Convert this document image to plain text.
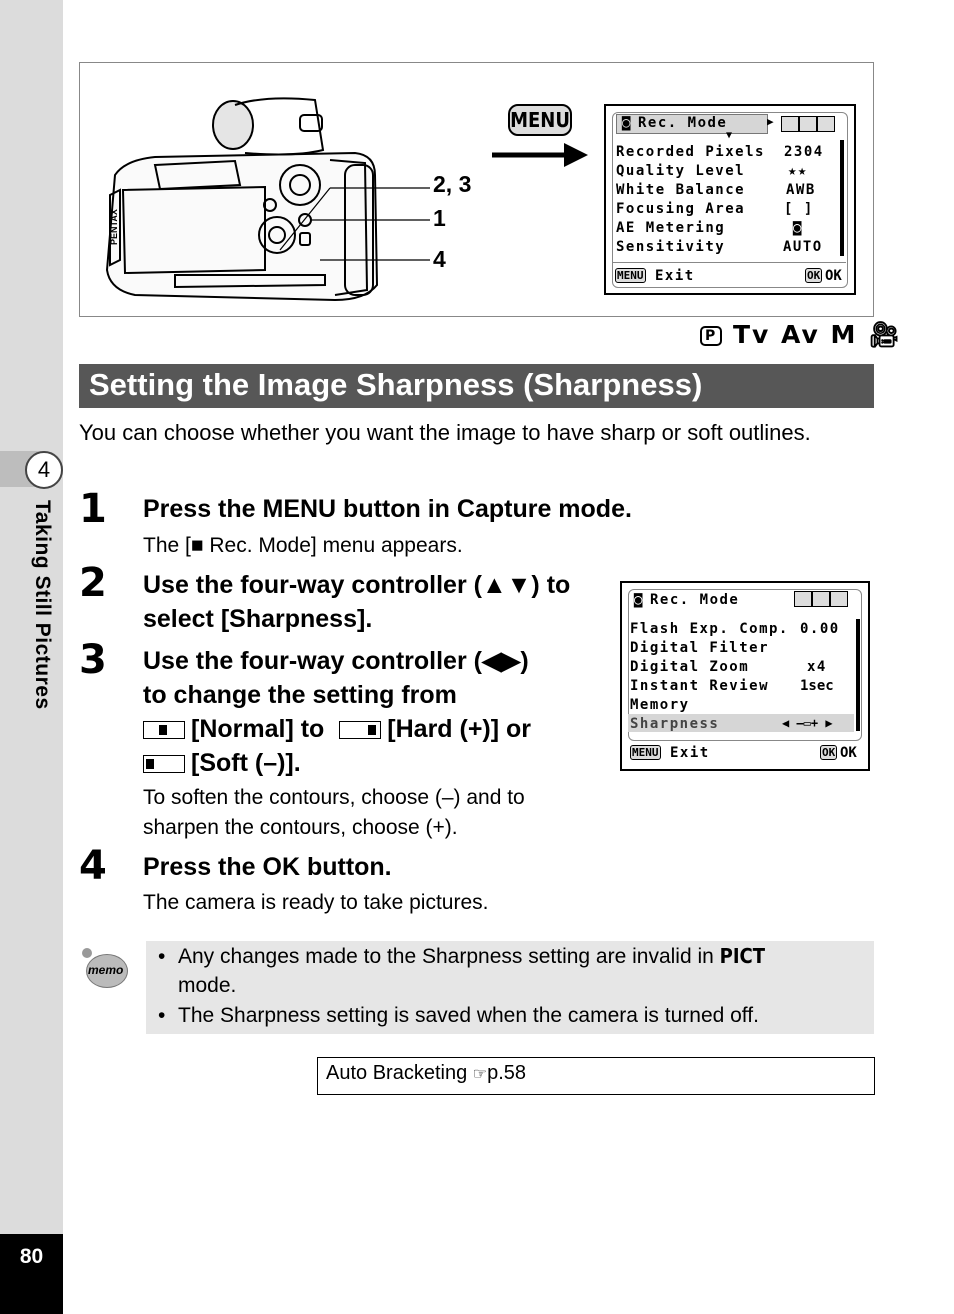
4
Taking Still Pictures
80
PENTAX
2, 3
1
4
MENU	◙ Rec. Mode	▶
▼
Recorded Pixels 2304
Quality Level	★★
White Balance	AWB
Focusing Area	[ ]
AE Metering	◙
Sensitivity	AUTO
MENU Exit	OK OK
P Tv Av M 🎥︎
Setting the Image Sharpness (Sharpness)
You can choose whether you want the image to have sharp or soft outlines.
1 Press the MENU button in Capture mode.
The [■ Rec. Mode] menu appears.
2 Use the four-way controller (▲▼) to select [Sharpness].
3 Use the four-way controller (◀▶)
to change the setting from
[Normal] to	[Hard (+)] or
[Soft (–)].
To soften the contours, choose (–) and to
sharpen the contours, choose (+).
4 Press the OK button.
The camera is ready to take pictures.
◙ Rec. Mode
Flash Exp. Comp. 0.00
Digital Filter
Digital Zoom	x4
Instant Review 1sec
Memory
Sharpness	◀ –▭+ ▶
MENU Exit	OK OK
memo
• Any changes made to the Sharpness setting are invalid in PICT
mode.
• The Sharpness setting is saved when the camera is turned off.
Auto Bracketing ☞p.58
